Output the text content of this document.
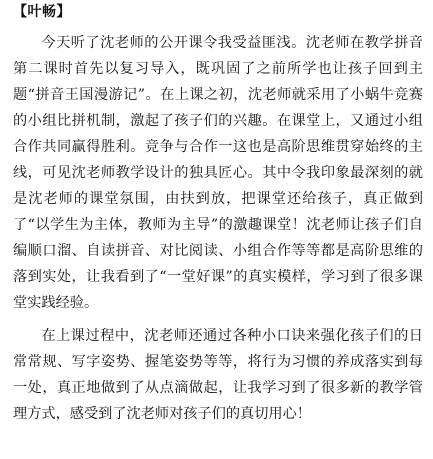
【叶畅】

今天听了沈老师的公开课令我受益匪浅。沈老师在教学拼音第二课时首先以复习导入，既巩固了之前所学也让孩子回到主题“拼音王国漫游记”。在上课之初，沈老师就采用了小蜗牛竞赛的小组比拼机制，激起了孩子们的兴趣。在课堂上，又通过小组合作共同赢得胜利。竞争与合作一这也是高阶思维贯穿始终的主线，可见沈老师教学设计的独具匠心。其中令我印象最深刻的就是沈老师的课堂氛围，由扶到放，把课堂还给孩子，真正做到了“以学生为主体，教师为主导”的激趣课堂！沈老师让孩子们自编顺口溜、自读拼音、对比阅读、小组合作等等都是高阶思维的落到实处，让我看到了“一堂好课”的真实模样，学习到了很多课堂实践经验。

在上课过程中，沈老师还通过各种小口诀来强化孩子们的日常常规、写字姿势、握笔姿势等等，将行为习惯的养成落实到每一处，真正地做到了从点滴做起，让我学习到了很多新的教学管理方式，感受到了沈老师对孩子们的真切用心！
